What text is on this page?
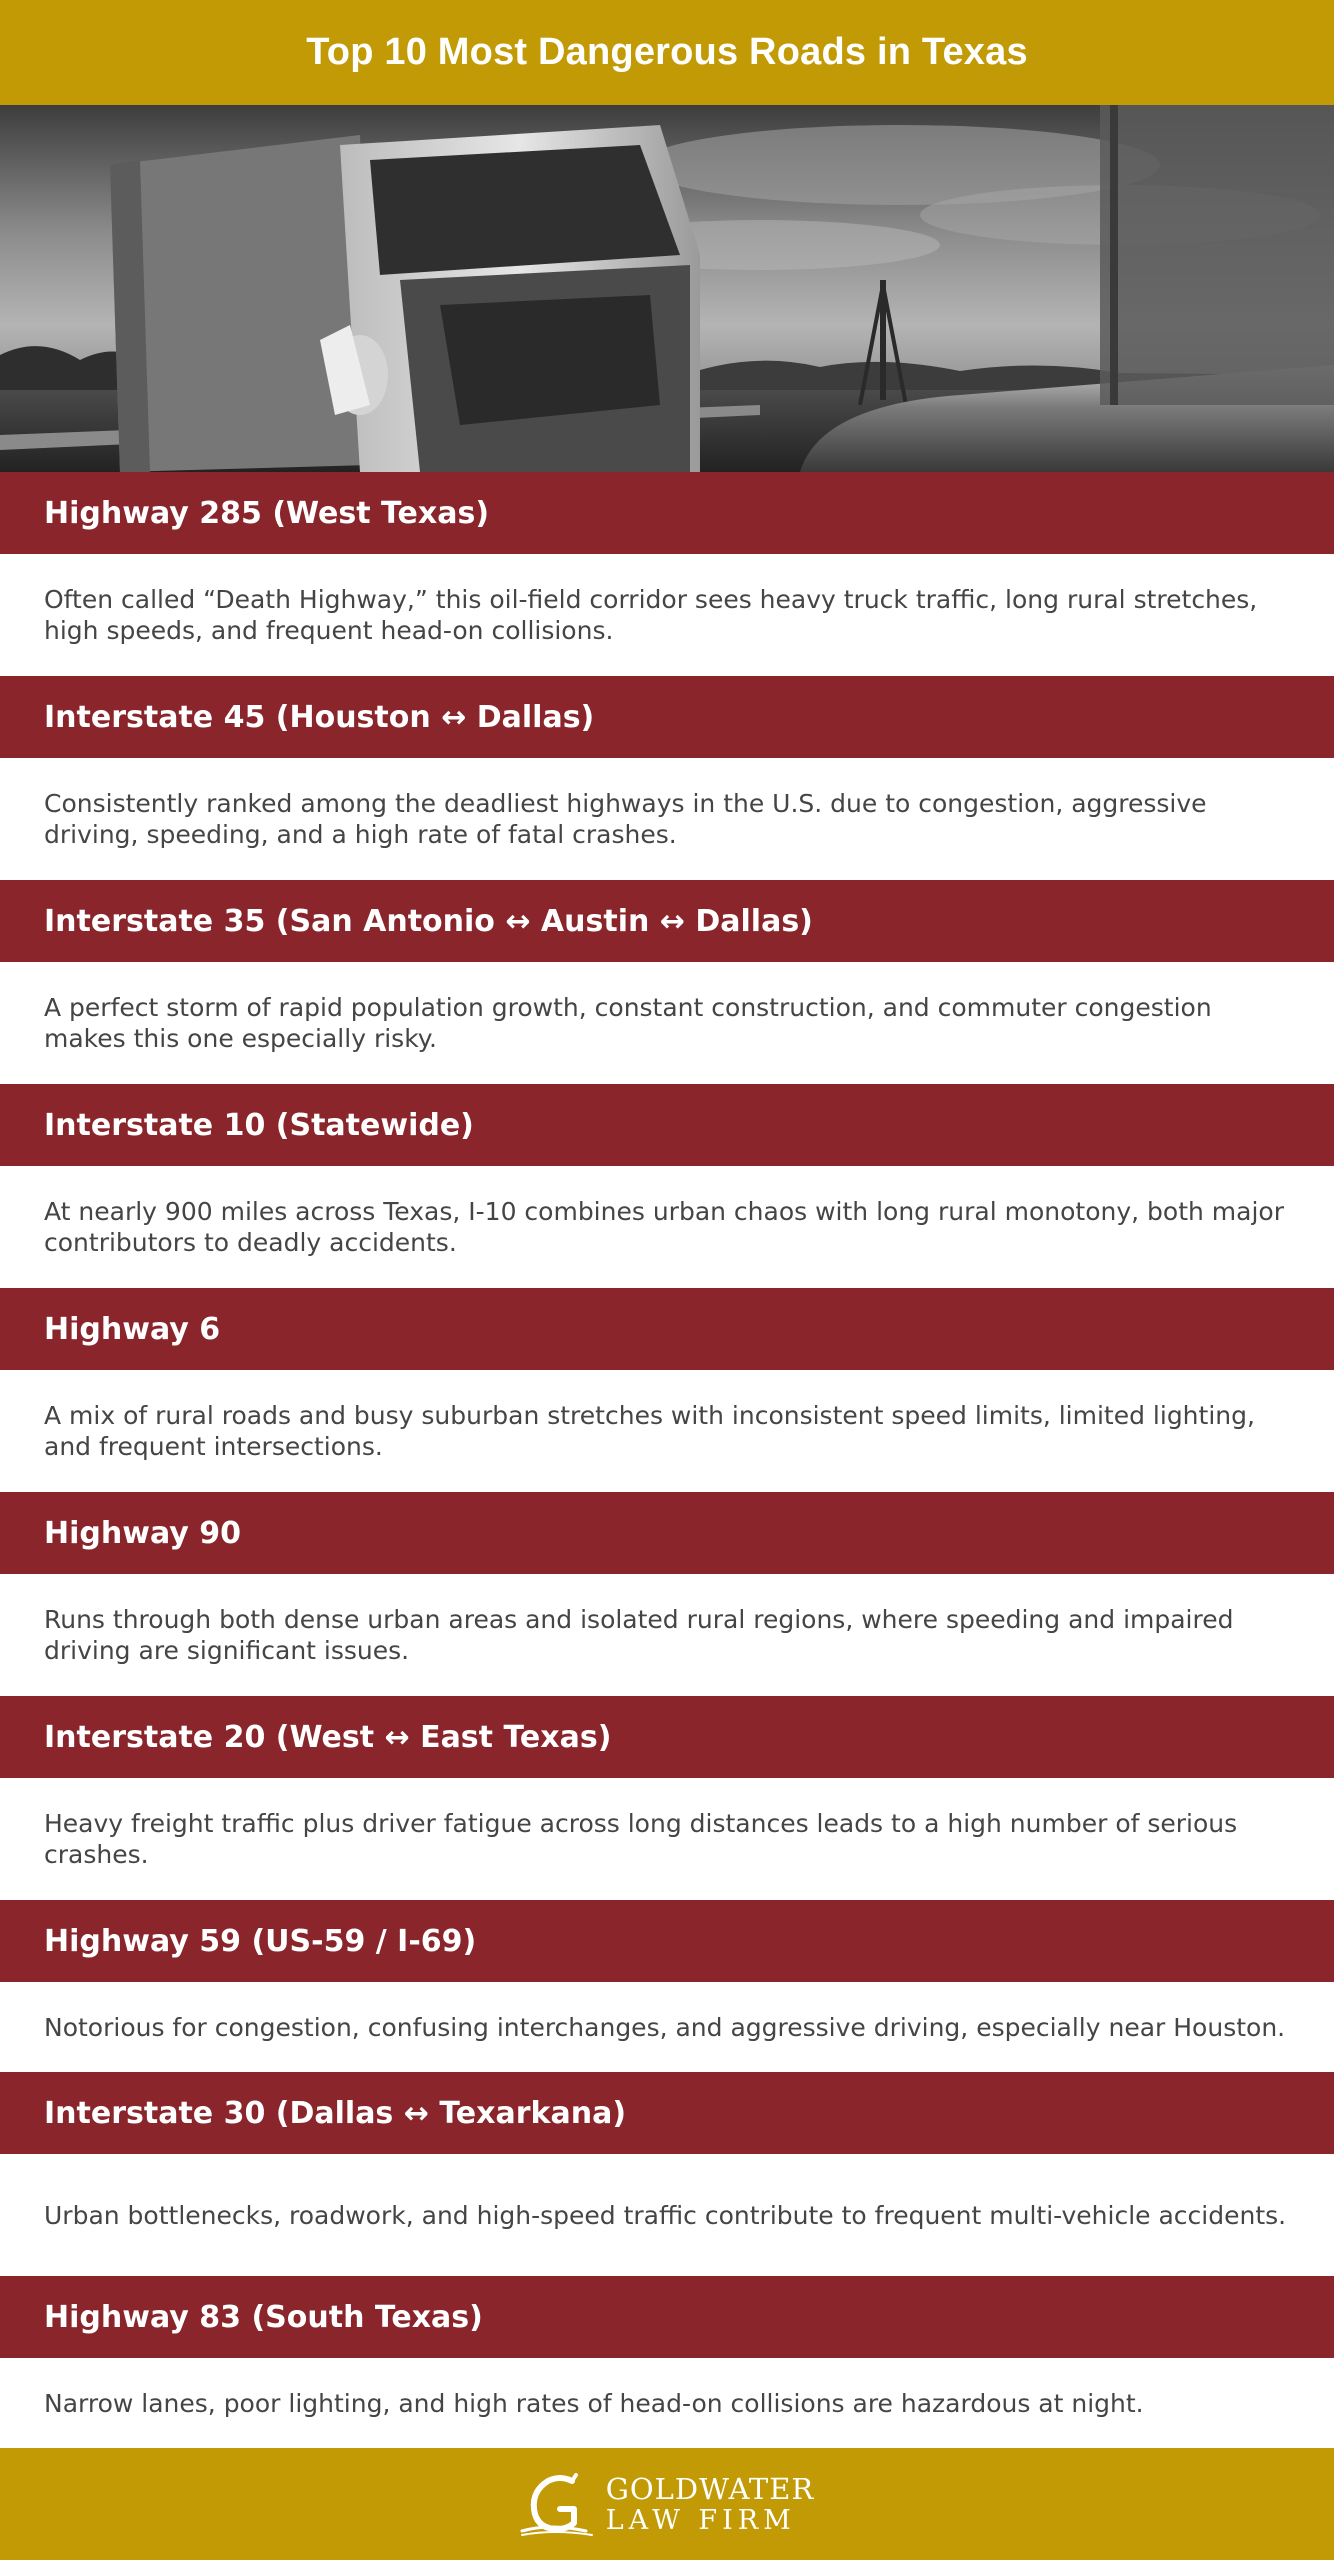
Top 10 Most Dangerous Roads in Texas
Highway 285 (West Texas)
Often called “Death Highway,” this oil-field corridor sees heavy truck traffic, long rural stretches, high speeds, and frequent head-on collisions.
Interstate 45 (Houston ↔ Dallas)
Consistently ranked among the deadliest highways in the U.S. due to congestion, aggressive driving, speeding, and a high rate of fatal crashes.
Interstate 35 (San Antonio ↔ Austin ↔ Dallas)
A perfect storm of rapid population growth, constant construction, and commuter congestion makes this one especially risky.
Interstate 10 (Statewide)
At nearly 900 miles across Texas, I-10 combines urban chaos with long rural monotony, both major contributors to deadly accidents.
Highway 6
A mix of rural roads and busy suburban stretches with inconsistent speed limits, limited lighting, and frequent intersections.
Highway 90
Runs through both dense urban areas and isolated rural regions, where speeding and impaired driving are significant issues.
Interstate 20 (West ↔ East Texas)
Heavy freight traffic plus driver fatigue across long distances leads to a high number of serious crashes.
Highway 59 (US-59 / I-69)
Notorious for congestion, confusing interchanges, and aggressive driving, especially near Houston.
Interstate 30 (Dallas ↔ Texarkana)
Urban bottlenecks, roadwork, and high-speed traffic contribute to frequent multi-vehicle accidents.
Highway 83 (South Texas)
Narrow lanes, poor lighting, and high rates of head-on collisions are hazardous at night.
GOLDWATER
LAW FIRM
